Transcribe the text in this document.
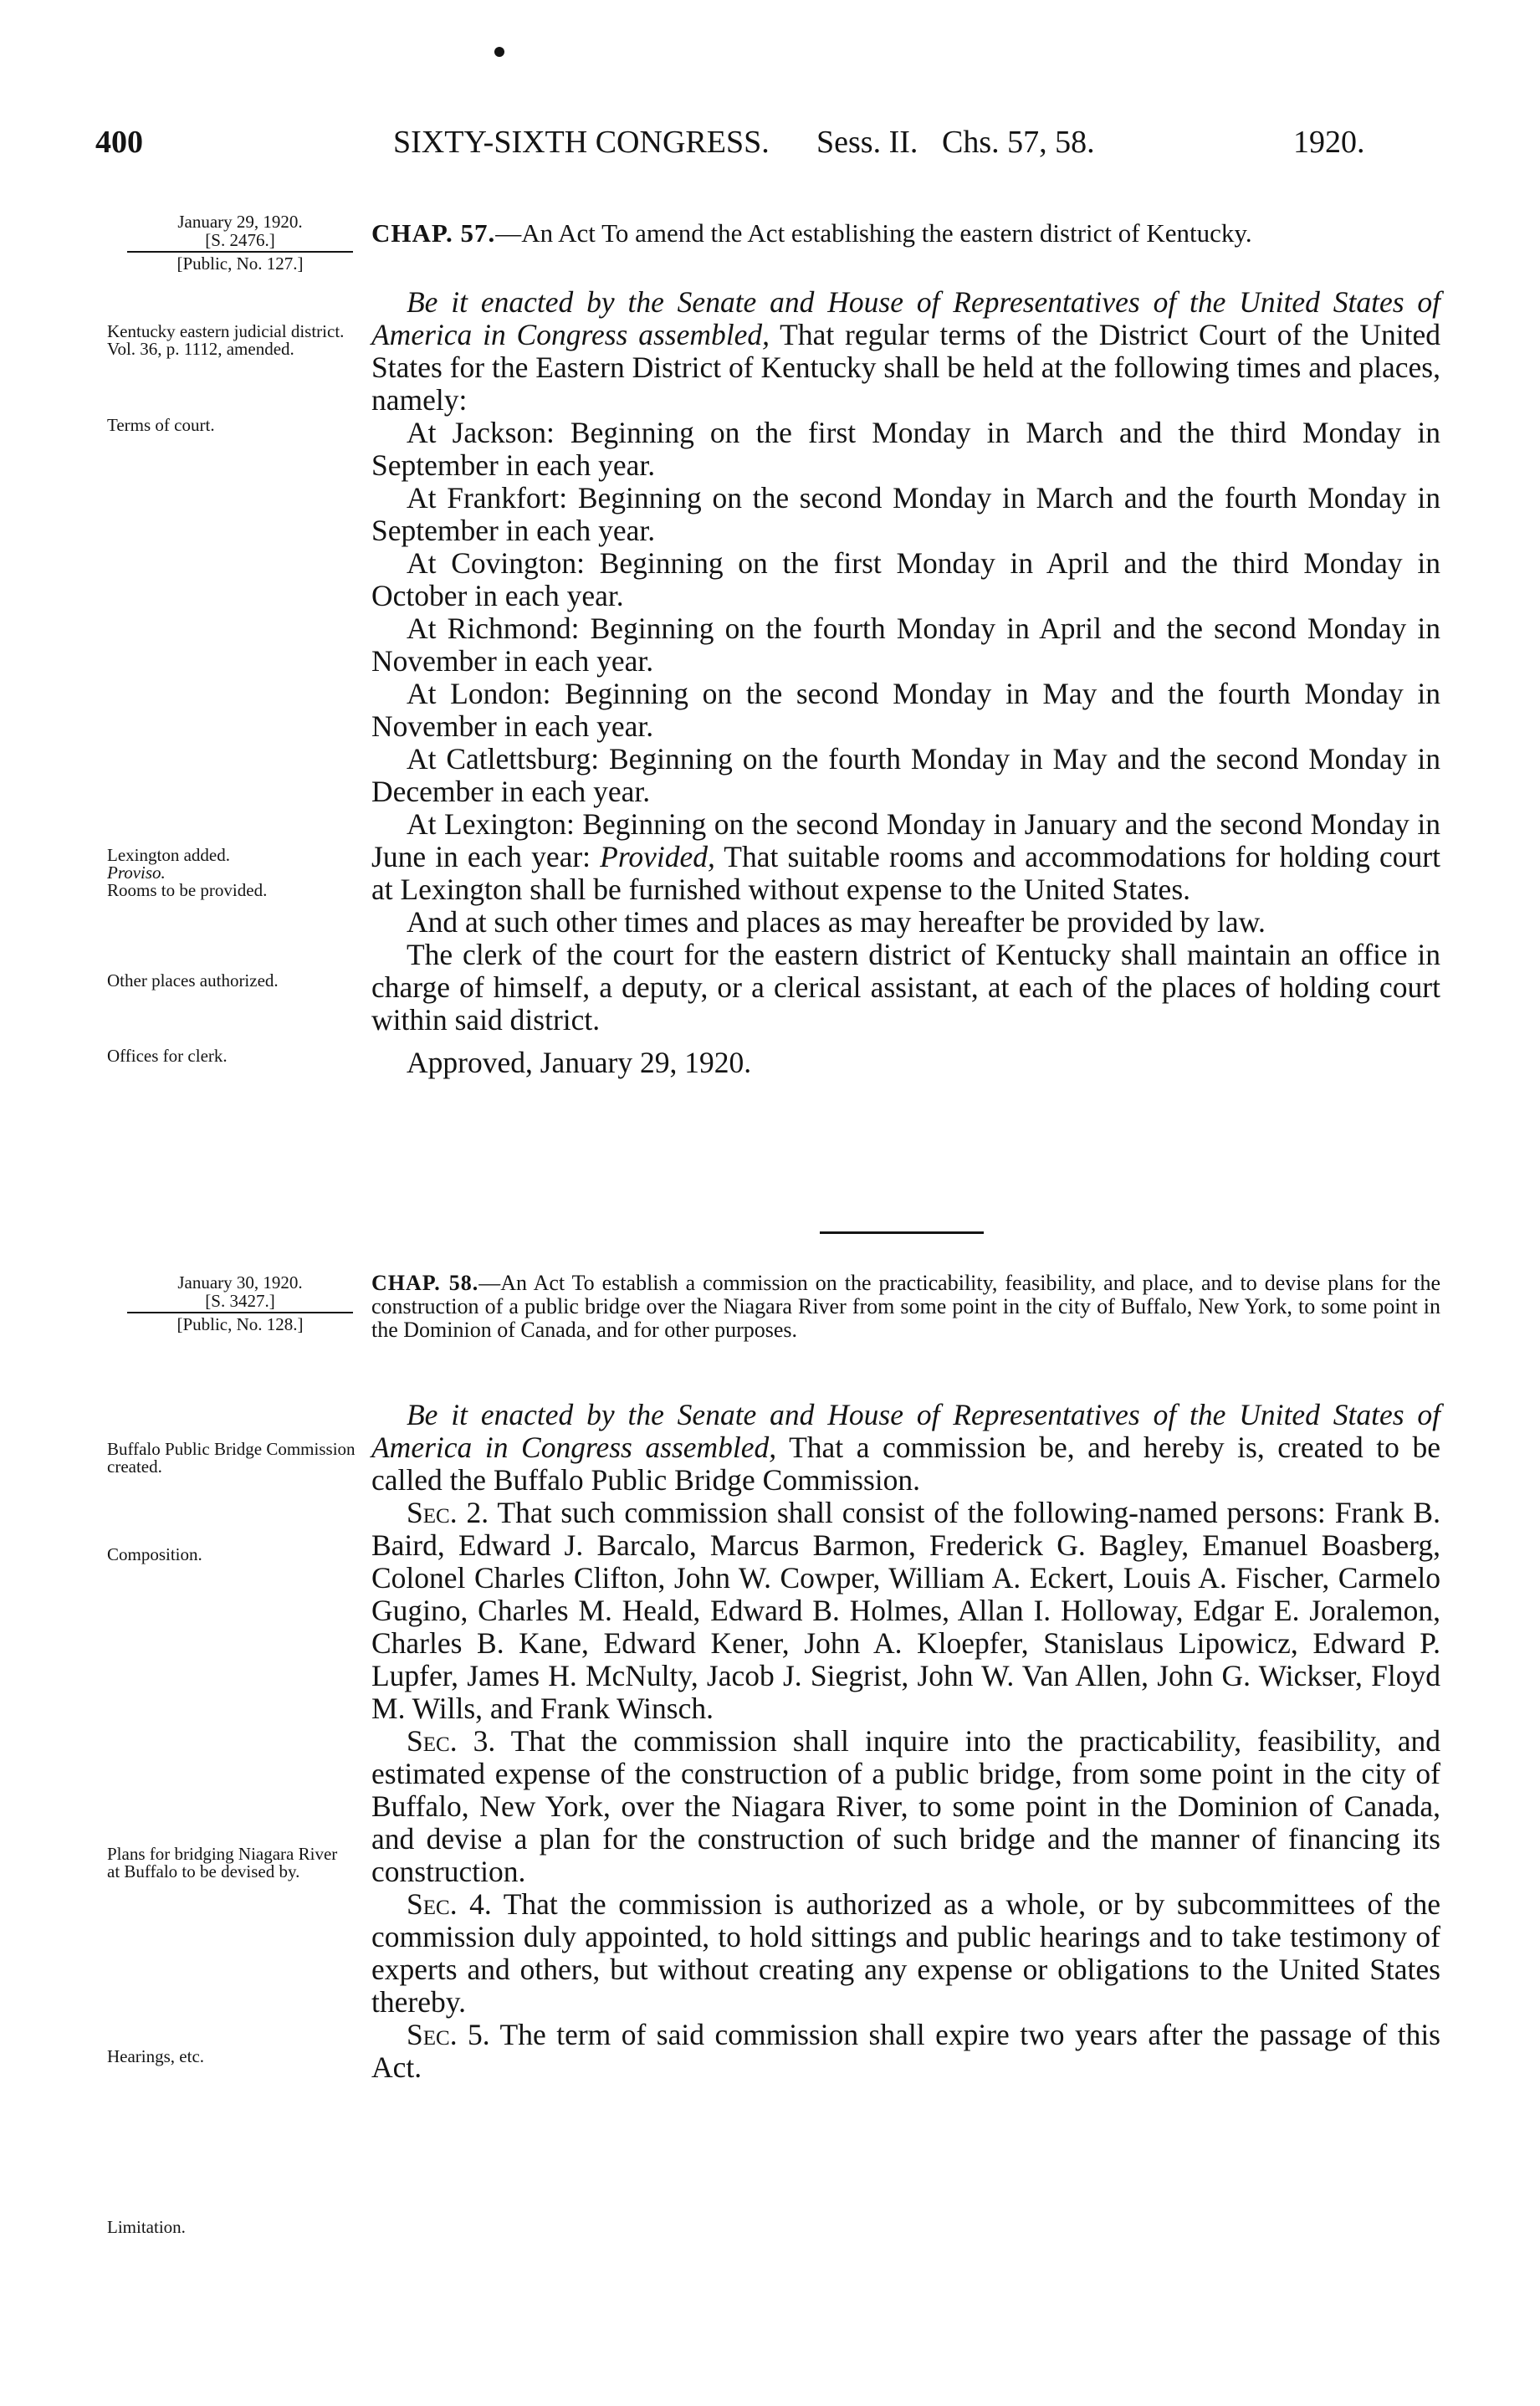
400	SIXTY-SIXTH CONGRESS. Sess. II. Chs. 57, 58.	1920.
January 29, 1920.
[S. 2476.]
[Public, No. 127.]
CHAP. 57.—An Act To amend the Act establishing the eastern district of Kentucky.

Be it enacted by the Senate and House of Representatives of the United States of America in Congress assembled, That regular terms of the District Court of the United States for the Eastern District of Kentucky shall be held at the following times and places, namely:

At Jackson: Beginning on the first Monday in March and the third Monday in September in each year.

At Frankfort: Beginning on the second Monday in March and the fourth Monday in September in each year.

At Covington: Beginning on the first Monday in April and the third Monday in October in each year.

At Richmond: Beginning on the fourth Monday in April and the second Monday in November in each year.

At London: Beginning on the second Monday in May and the fourth Monday in November in each year.

At Catlettsburg: Beginning on the fourth Monday in May and the second Monday in December in each year.

At Lexington: Beginning on the second Monday in January and the second Monday in June in each year: Provided, That suitable rooms and accommodations for holding court at Lexington shall be furnished without expense to the United States.

And at such other times and places as may hereafter be provided by law.

The clerk of the court for the eastern district of Kentucky shall maintain an office in charge of himself, a deputy, or a clerical assistant, at each of the places of holding court within said district.

Approved, January 29, 1920.

Kentucky eastern judicial district.

Vol. 36, p. 1112, amended.

Terms of court.

Lexington added.

Proviso.

Rooms to be provided.

Other places authorized.
Offices for clerk.
January 30, 1920.
[S. 3427.]
[Public, No. 128.]
CHAP. 58.—An Act To establish a commission on the practicability, feasibility, and place, and to devise plans for the construction of a public bridge over the Niagara River from some point in the city of Buffalo, New York, to some point in the Dominion of Canada, and for other purposes.

Be it enacted by the Senate and House of Representatives of the United States of America in Congress assembled, That a commission be, and hereby is, created to be called the Buffalo Public Bridge Commission.

Sec. 2. That such commission shall consist of the following-named persons: Frank B. Baird, Edward J. Barcalo, Marcus Barmon, Frederick G. Bagley, Emanuel Boasberg, Colonel Charles Clifton, John W. Cowper, William A. Eckert, Louis A. Fischer, Carmelo Gugino, Charles M. Heald, Edward B. Holmes, Allan I. Holloway, Edgar E. Joralemon, Charles B. Kane, Edward Kener, John A. Kloepfer, Stanislaus Lipowicz, Edward P. Lupfer, James H. McNulty, Jacob J. Siegrist, John W. Van Allen, John G. Wickser, Floyd M. Wills, and Frank Winsch.

Sec. 3. That the commission shall inquire into the practicability, feasibility, and estimated expense of the construction of a public bridge, from some point in the city of Buffalo, New York, over the Niagara River, to some point in the Dominion of Canada, and devise a plan for the construction of such bridge and the manner of financing its construction.

Sec. 4. That the commission is authorized as a whole, or by subcommittees of the commission duly appointed, to hold sittings and public hearings and to take testimony of experts and others, but without creating any expense or obligations to the United States thereby.

Sec. 5. The term of said commission shall expire two years after the passage of this Act.

Buffalo Public Bridge Commission created.
Composition.
Plans for bridging Niagara River at Buffalo to be devised by.
Hearings, etc.
Limitation.
